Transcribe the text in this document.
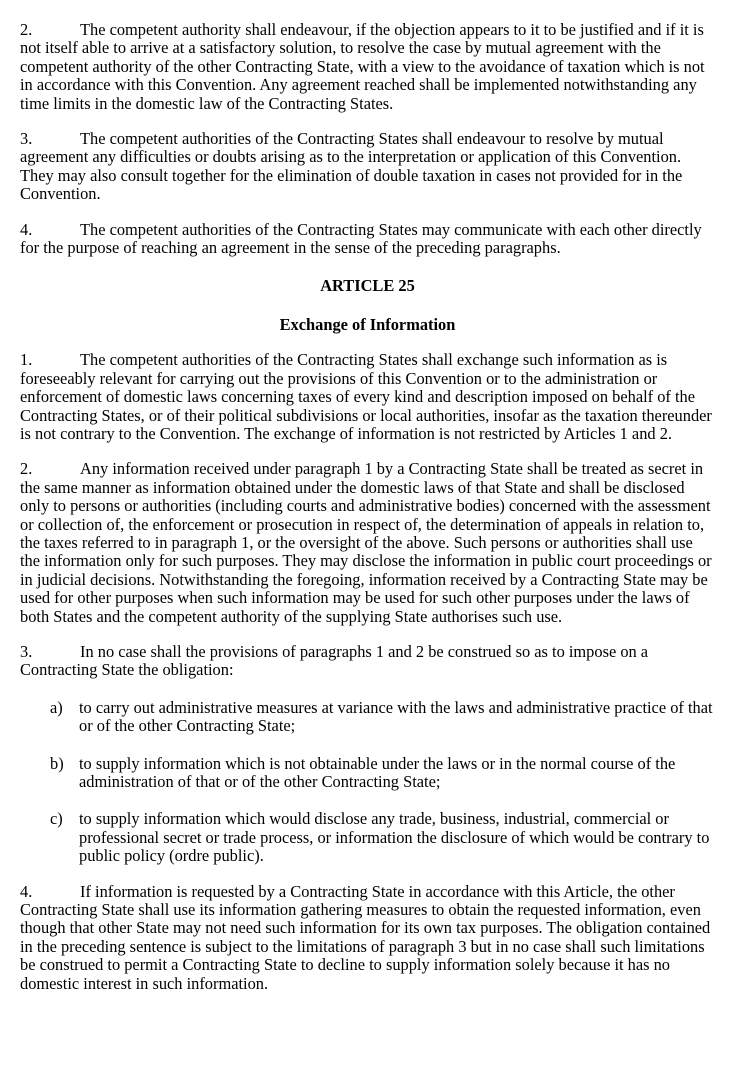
2.	The competent authority shall endeavour, if the objection appears to it to be justified and if it is not itself able to arrive at a satisfactory solution, to resolve the case by mutual agreement with the competent authority of the other Contracting State, with a view to the avoidance of taxation which is not in accordance with this Convention. Any agreement reached shall be implemented notwithstanding any time limits in the domestic law of the Contracting States.

3.	The competent authorities of the Contracting States shall endeavour to resolve by mutual agreement any difficulties or doubts arising as to the interpretation or application of this Convention. They may also consult together for the elimination of double taxation in cases not provided for in the Convention.

4.	The competent authorities of the Contracting States may communicate with each other directly for the purpose of reaching an agreement in the sense of the preceding paragraphs.

ARTICLE 25
Exchange of Information

1.	The competent authorities of the Contracting States shall exchange such information as is foreseeably relevant for carrying out the provisions of this Convention or to the administration or enforcement of domestic laws concerning taxes of every kind and description imposed on behalf of the Contracting States, or of their political subdivisions or local authorities, insofar as the taxation thereunder is not contrary to the Convention. The exchange of information is not restricted by Articles 1 and 2.

2.	Any information received under paragraph 1 by a Contracting State shall be treated as secret in the same manner as information obtained under the domestic laws of that State and shall be disclosed only to persons or authorities (including courts and administrative bodies) concerned with the assessment or collection of, the enforcement or prosecution in respect of, the determination of appeals in relation to, the taxes referred to in paragraph 1, or the oversight of the above. Such persons or authorities shall use the information only for such purposes. They may disclose the information in public court proceedings or in judicial decisions. Notwithstanding the foregoing, information received by a Contracting State may be used for other purposes when such information may be used for such other purposes under the laws of both States and the competent authority of the supplying State authorises such use.

3.	In no case shall the provisions of paragraphs 1 and 2 be construed so as to impose on a Contracting State the obligation:

a) to carry out administrative measures at variance with the laws and administrative practice of that or of the other Contracting State;
b) to supply information which is not obtainable under the laws or in the normal course of the administration of that or of the other Contracting State;
c) to supply information which would disclose any trade, business, industrial, commercial or professional secret or trade process, or information the disclosure of which would be contrary to public policy (ordre public).

4.	If information is requested by a Contracting State in accordance with this Article, the other Contracting State shall use its information gathering measures to obtain the requested information, even though that other State may not need such information for its own tax purposes. The obligation contained in the preceding sentence is subject to the limitations of paragraph 3 but in no case shall such limitations be construed to permit a Contracting State to decline to supply information solely because it has no domestic interest in such information.
